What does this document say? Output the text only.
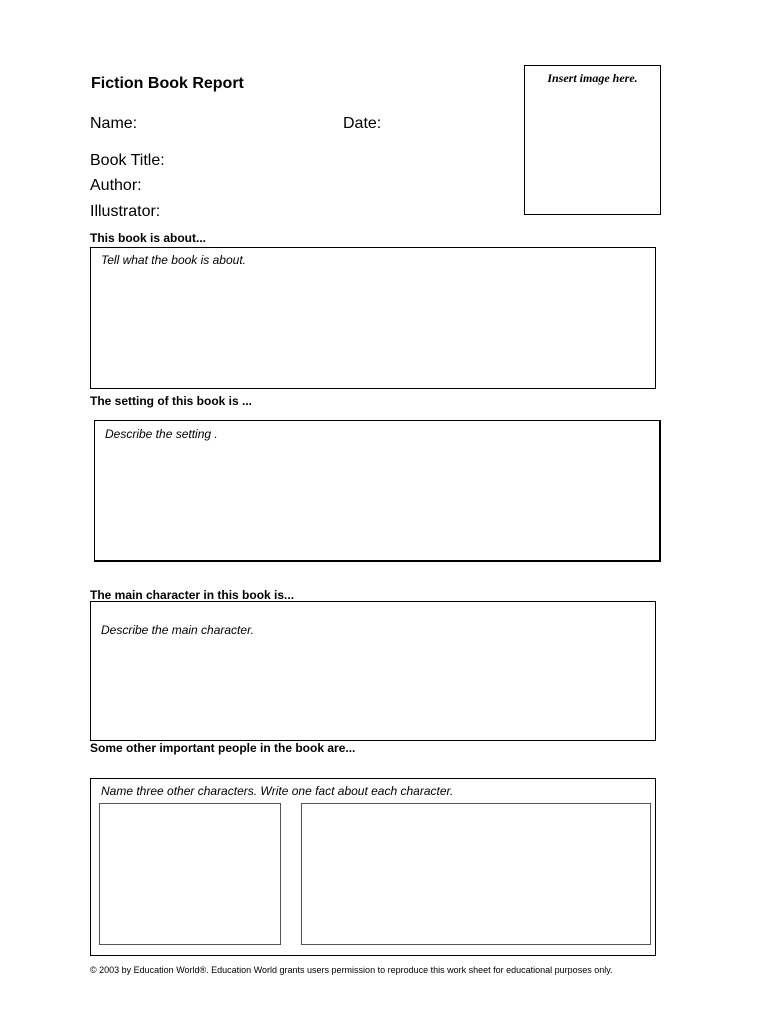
Fiction Book Report
Name:	Date:
Book Title:
Author:
Illustrator:
Insert image here.
This book is about...
Tell what the book is about.
The setting of this book is ...
Describe the setting .
The main character in this book is...
Describe the main character.
Some other important people in the book are...
Name three other characters. Write one fact about each character.
© 2003 by Education World®. Education World grants users permission to reproduce this work sheet for educational purposes only.
